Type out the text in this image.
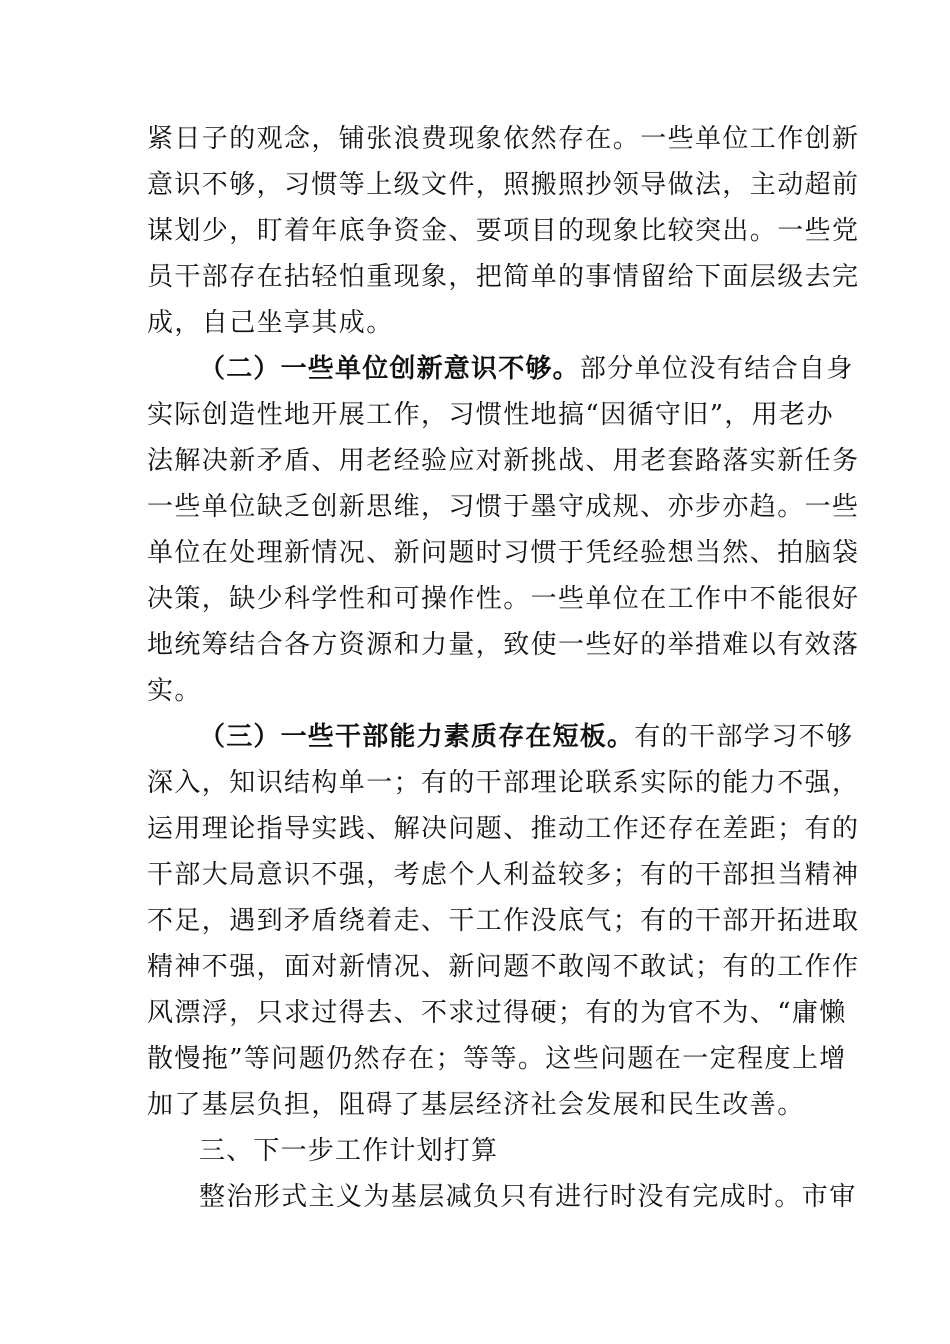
紧日子的观念，铺张浪费现象依然存在。一些单位工作创新
意识不够，习惯等上级文件，照搬照抄领导做法，主动超前
谋划少，盯着年底争资金、要项目的现象比较突出。一些党
员干部存在拈轻怕重现象，把简单的事情留给下面层级去完
成，自己坐享其成。
（二）一些单位创新意识不够。部分单位没有结合自身
实际创造性地开展工作，习惯性地搞“因循守旧”，用老办
法解决新矛盾、用老经验应对新挑战、用老套路落实新任务
一些单位缺乏创新思维，习惯于墨守成规、亦步亦趋。一些
单位在处理新情况、新问题时习惯于凭经验想当然、拍脑袋
决策，缺少科学性和可操作性。一些单位在工作中不能很好
地统筹结合各方资源和力量，致使一些好的举措难以有效落
实。
（三）一些干部能力素质存在短板。有的干部学习不够
深入，知识结构单一；有的干部理论联系实际的能力不强，
运用理论指导实践、解决问题、推动工作还存在差距；有的
干部大局意识不强，考虑个人利益较多；有的干部担当精神
不足，遇到矛盾绕着走、干工作没底气；有的干部开拓进取
精神不强，面对新情况、新问题不敢闯不敢试；有的工作作
风漂浮，只求过得去、不求过得硬；有的为官不为、“庸懒
散慢拖”等问题仍然存在；等等。这些问题在一定程度上增
加了基层负担，阻碍了基层经济社会发展和民生改善。
三、下一步工作计划打算
整治形式主义为基层减负只有进行时没有完成时。市审
